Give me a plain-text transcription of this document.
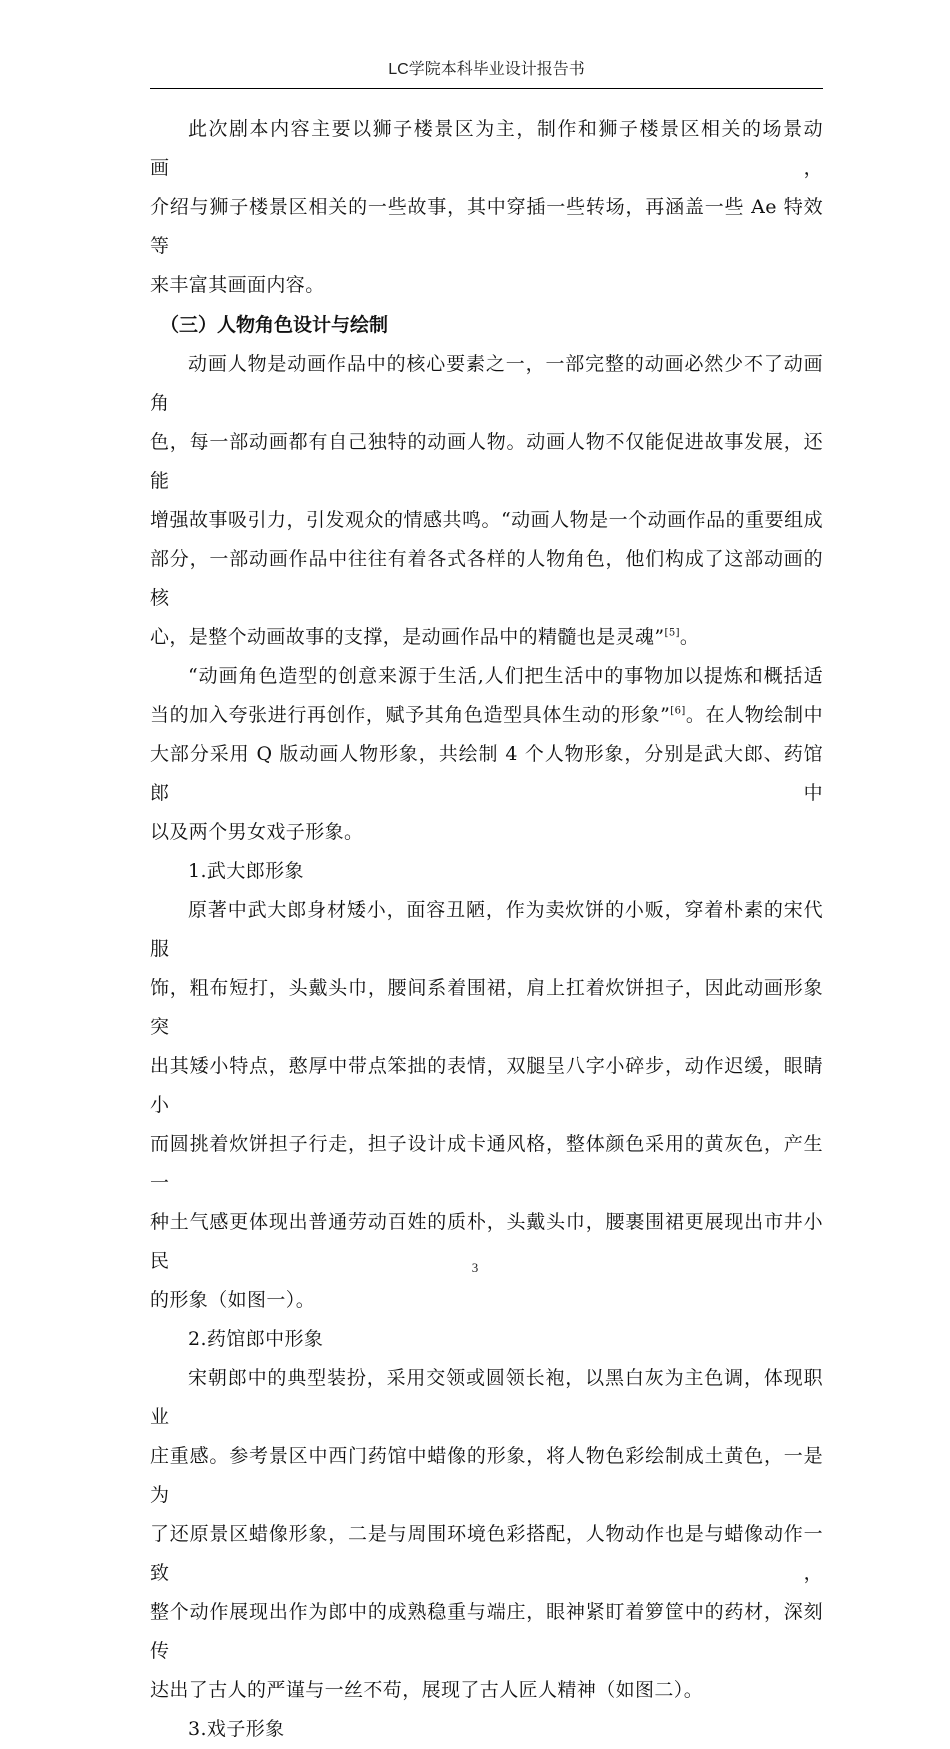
LC学院本科毕业设计报告书

此次剧本内容主要以狮子楼景区为主，制作和狮子楼景区相关的场景动画，

介绍与狮子楼景区相关的一些故事，其中穿插一些转场，再涵盖一些 Ae 特效等

来丰富其画面内容。

（三）人物角色设计与绘制

动画人物是动画作品中的核心要素之一，一部完整的动画必然少不了动画角

色，每一部动画都有自己独特的动画人物。动画人物不仅能促进故事发展，还能

增强故事吸引力，引发观众的情感共鸣。“动画人物是一个动画作品的重要组成

部分，一部动画作品中往往有着各式各样的人物角色，他们构成了这部动画的核

心，是整个动画故事的支撑，是动画作品中的精髓也是灵魂”[5]。

“动画角色造型的创意来源于生活,人们把生活中的事物加以提炼和概括适

当的加入夸张进行再创作，赋予其角色造型具体生动的形象”[6]。在人物绘制中

大部分采用 Q 版动画人物形象，共绘制 4 个人物形象，分别是武大郎、药馆郎中

以及两个男女戏子形象。

1.武大郎形象

原著中武大郎身材矮小，面容丑陋，作为卖炊饼的小贩，穿着朴素的宋代服

饰，粗布短打，头戴头巾，腰间系着围裙，肩上扛着炊饼担子，因此动画形象突

出其矮小特点，憨厚中带点笨拙的表情，双腿呈八字小碎步，动作迟缓，眼睛小

而圆挑着炊饼担子行走，担子设计成卡通风格，整体颜色采用的黄灰色，产生一

种土气感更体现出普通劳动百姓的质朴，头戴头巾，腰裹围裙更展现出市井小民

的形象（如图一）。

2.药馆郎中形象

宋朝郎中的典型装扮，采用交领或圆领长袍，以黑白灰为主色调，体现职业

庄重感。参考景区中西门药馆中蜡像的形象，将人物色彩绘制成土黄色，一是为

了还原景区蜡像形象，二是与周围环境色彩搭配，人物动作也是与蜡像动作一致，

整个动作展现出作为郎中的成熟稳重与端庄，眼神紧盯着箩筐中的药材，深刻传

达出了古人的严谨与一丝不苟，展现了古人匠人精神（如图二）。

3.戏子形象

3
